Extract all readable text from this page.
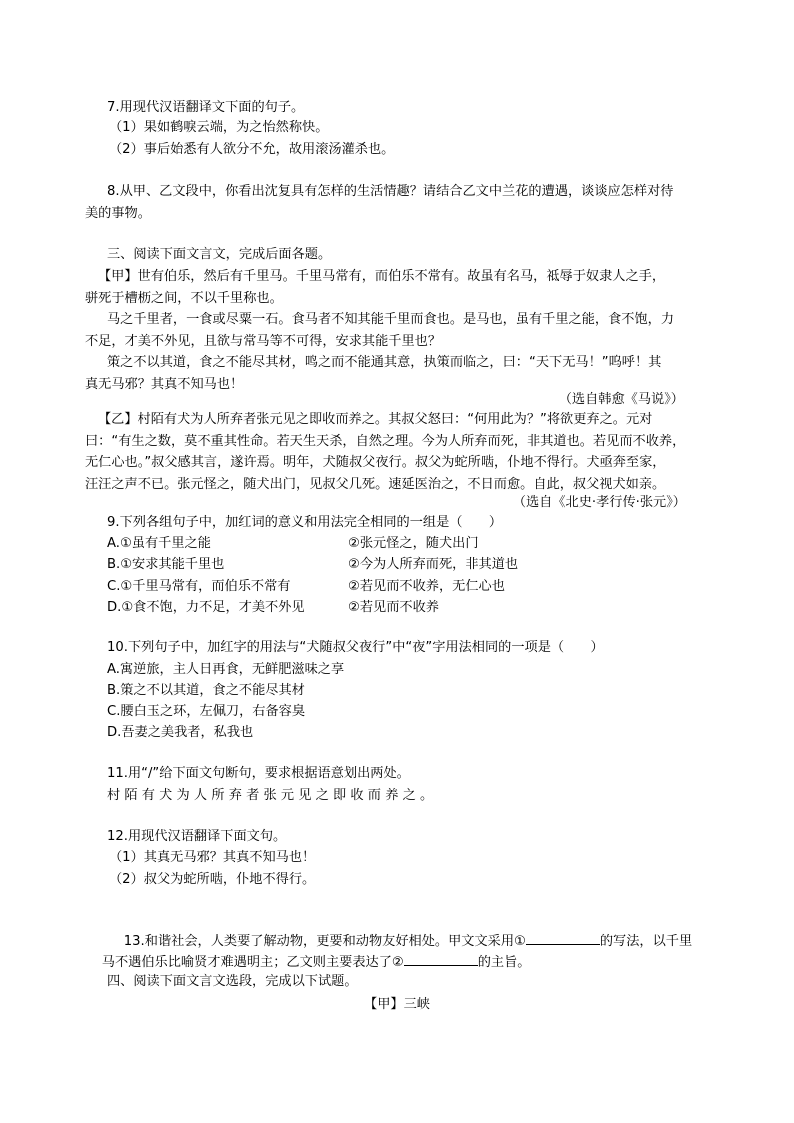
7.用现代汉语翻译文下面的句子。
（1）果如鹤唳云端，为之怡然称快。
（2）事后始悉有人欲分不允，故用滚汤灌杀也。
8.从甲、乙文段中，你看出沈复具有怎样的生活情趣？请结合乙文中兰花的遭遇，谈谈应怎样对待
美的事物。
三、阅读下面文言文，完成后面各题。
【甲】世有伯乐，然后有千里马。千里马常有，而伯乐不常有。故虽有名马，祗辱于奴隶人之手，
骈死于槽枥之间，不以千里称也。
马之千里者，一食或尽粟一石。食马者不知其能千里而食也。是马也，虽有千里之能，食不饱，力
不足，才美不外见，且欲与常马等不可得，安求其能千里也？
策之不以其道，食之不能尽其材，鸣之而不能通其意，执策而临之，曰：“天下无马！”呜呼！其
真无马邪？其真不知马也！
（选自韩愈《马说》）
【乙】村陌有犬为人所弃者张元见之即收而养之。其叔父怒曰：“何用此为？”将欲更弃之。元对
曰：“有生之数，莫不重其性命。若天生天杀，自然之理。今为人所弃而死，非其道也。若见而不收养，
无仁心也。”叔父感其言，遂许焉。明年，犬随叔父夜行。叔父为蛇所啮，仆地不得行。犬亟奔至家，
汪汪之声不已。张元怪之，随犬出门，见叔父几死。速延医治之，不日而愈。自此，叔父视犬如亲。
（选自《北史·孝行传·张元》）
9.下列各组句子中，加红词的意义和用法完全相同的一组是（　　）
A.①虽有千里之能	②张元怪之，随犬出门
B.①安求其能千里也	②今为人所弃而死，非其道也
C.①千里马常有，而伯乐不常有	②若见而不收养，无仁心也
D.①食不饱，力不足，才美不外见	②若见而不收养
10.下列句子中，加红字的用法与“犬随叔父夜行”中“夜”字用法相同的一项是（　　）
A.寓逆旅，主人日再食，无鲜肥滋味之享
B.策之不以其道，食之不能尽其材
C.腰白玉之环，左佩刀，右备容臭
D.吾妻之美我者，私我也
11.用“/”给下面文句断句，要求根据语意划出两处。
村陌有犬为人所弃者张元见之即收而养之。
12.用现代汉语翻译下面文句。
（1）其真无马邪？其真不知马也！
（2）叔父为蛇所啮，仆地不得行。

13.和谐社会，人类要了解动物，更要和动物友好相处。甲文文采用①	的写法，以千里

马不遇伯乐比喻贤才难遇明主；乙文则主要表达了②	的主旨。

四、阅读下面文言文选段，完成以下试题。
【甲】三峡
